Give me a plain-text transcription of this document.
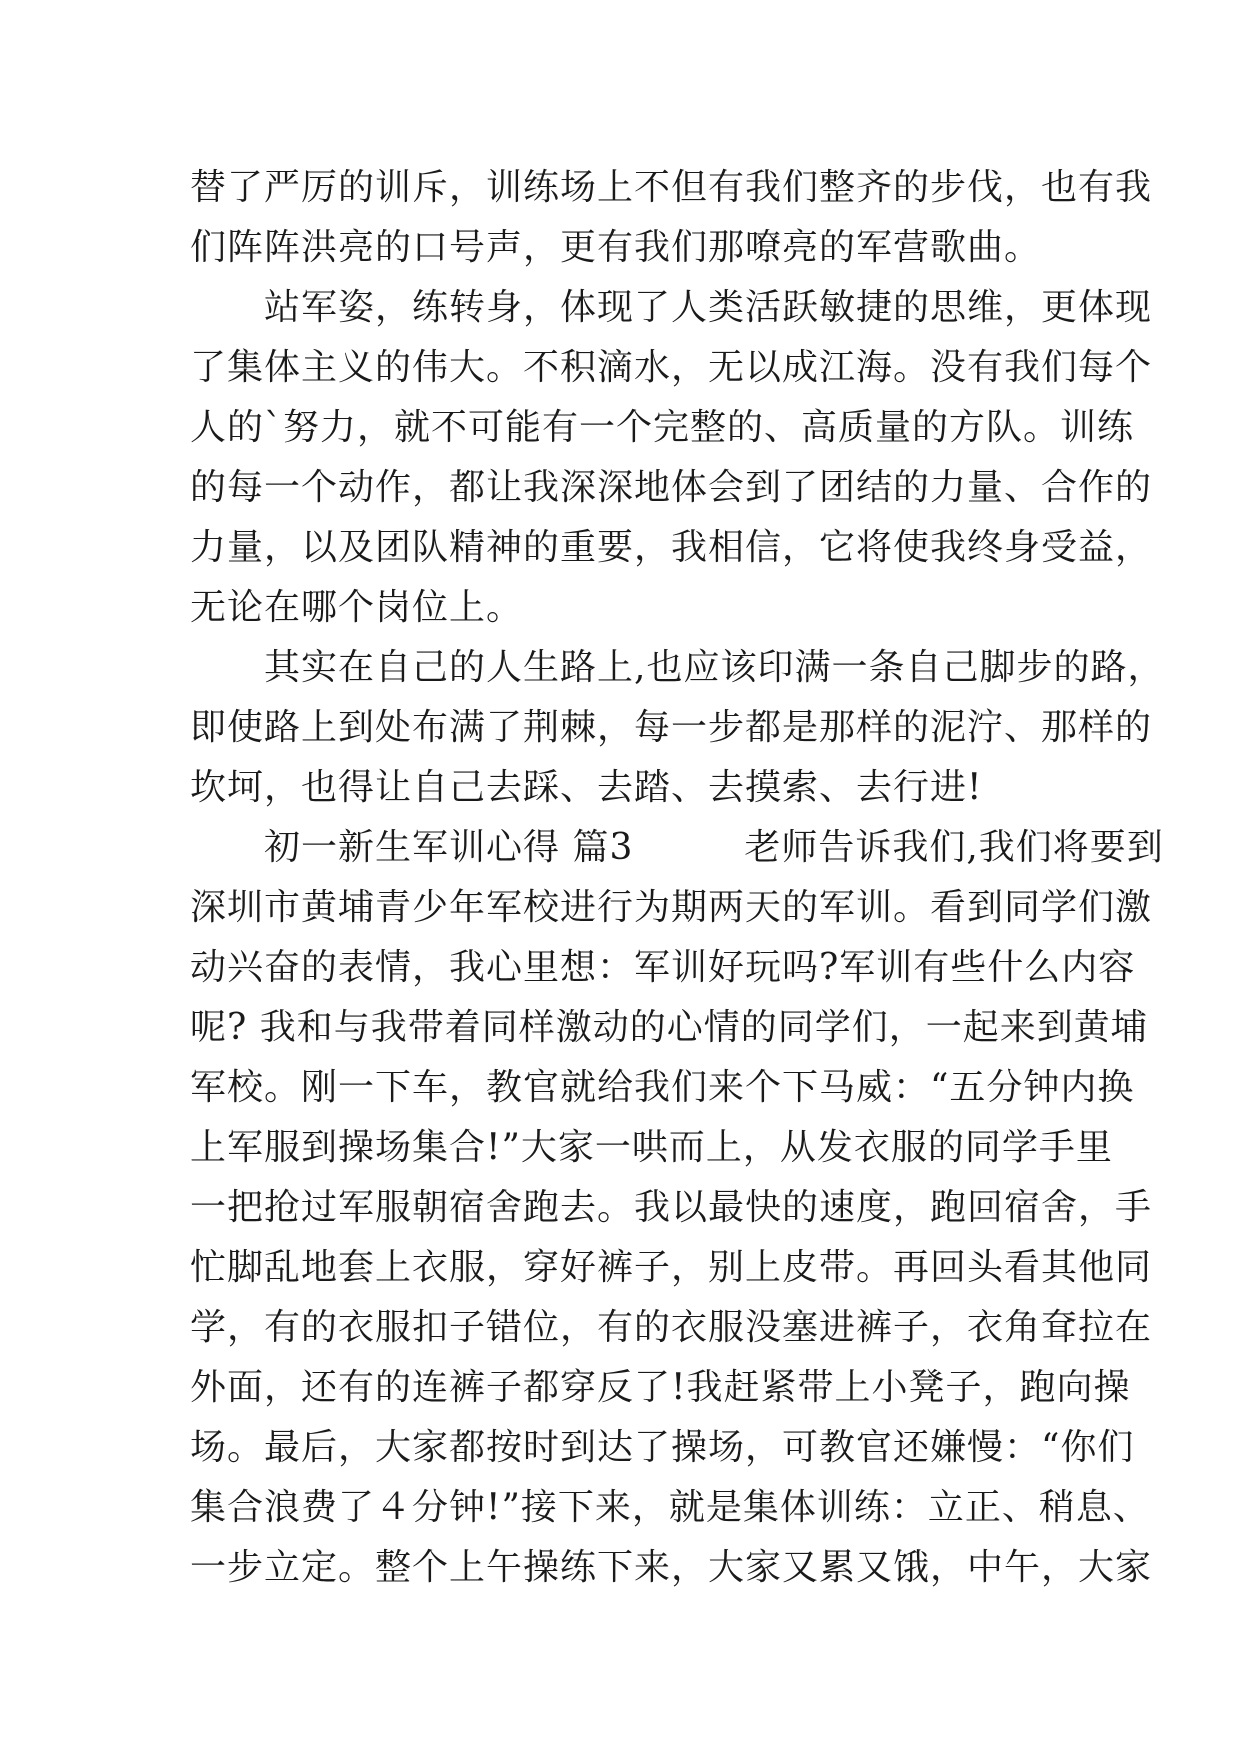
替了严厉的训斥，训练场上不但有我们整齐的步伐，也有我
们阵阵洪亮的口号声，更有我们那嘹亮的军营歌曲。
　　站军姿，练转身，体现了人类活跃敏捷的思维，更体现
了集体主义的伟大。不积滴水，无以成江海。没有我们每个
人的`努力，就不可能有一个完整的、高质量的方队。训练
的每一个动作，都让我深深地体会到了团结的力量、合作的
力量，以及团队精神的重要，我相信，它将使我终身受益，
无论在哪个岗位上。
　　其实在自己的人生路上,也应该印满一条自己脚步的路，
即使路上到处布满了荆棘，每一步都是那样的泥泞、那样的
坎坷，也得让自己去踩、去踏、去摸索、去行进!
　　初一新生军训心得 篇3　　　老师告诉我们,我们将要到
深圳市黄埔青少年军校进行为期两天的军训。看到同学们激
动兴奋的表情，我心里想：军训好玩吗?军训有些什么内容
呢? 我和与我带着同样激动的心情的同学们，一起来到黄埔
军校。刚一下车，教官就给我们来个下马威：“五分钟内换
上军服到操场集合!”大家一哄而上，从发衣服的同学手里
一把抢过军服朝宿舍跑去。我以最快的速度，跑回宿舍，手
忙脚乱地套上衣服，穿好裤子，别上皮带。再回头看其他同
学，有的衣服扣子错位，有的衣服没塞进裤子，衣角耷拉在
外面，还有的连裤子都穿反了!我赶紧带上小凳子，跑向操
场。最后，大家都按时到达了操场，可教官还嫌慢：“你们
集合浪费了４分钟!”接下来，就是集体训练：立正、稍息、
一步立定。整个上午操练下来，大家又累又饿，中午，大家
